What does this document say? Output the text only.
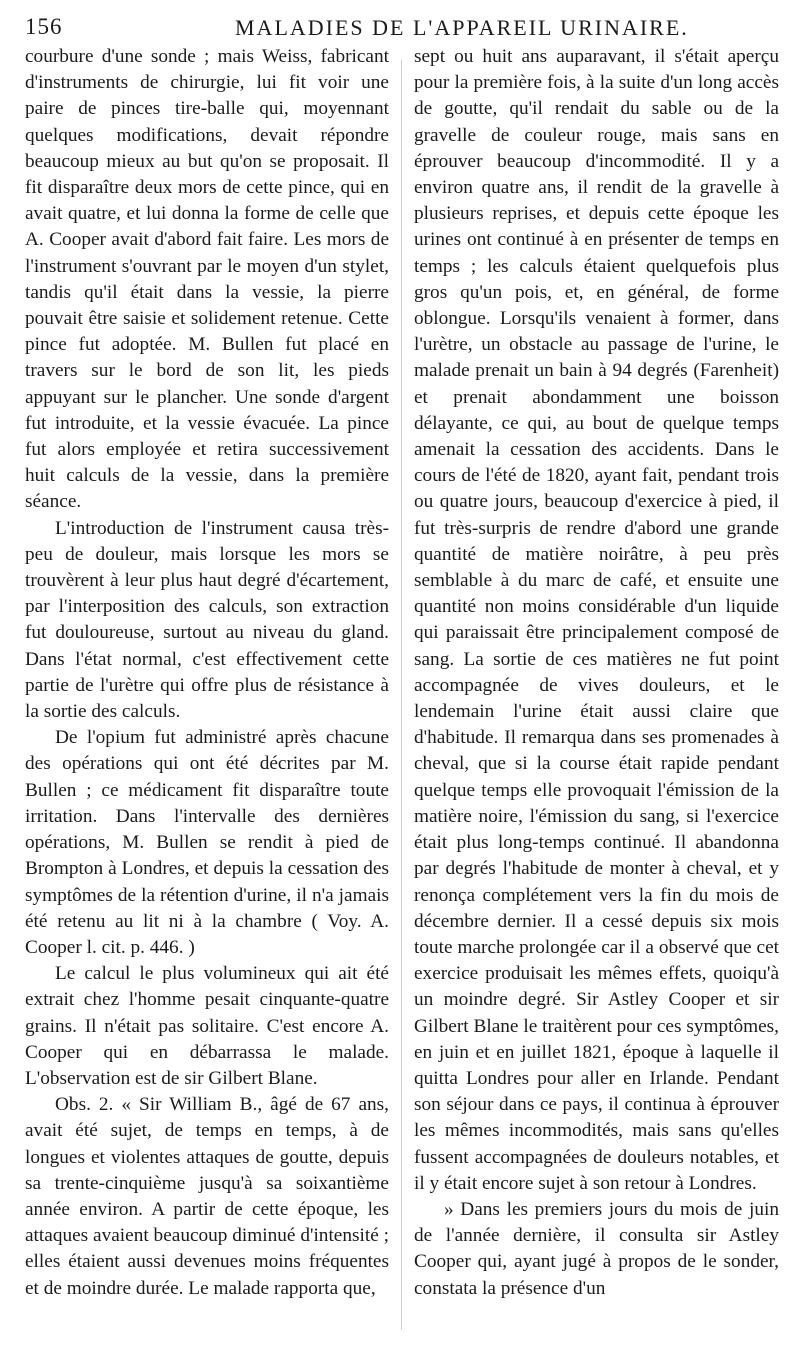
156	MALADIES DE L'APPAREIL URINAIRE.

courbure d'une sonde ; mais Weiss, fabricant d'instruments de chirurgie, lui fit voir une paire de pinces tire-balle qui, moyennant quelques modifications, devait répondre beaucoup mieux au but qu'on se proposait. Il fit disparaître deux mors de cette pince, qui en avait quatre, et lui donna la forme de celle que A. Cooper avait d'abord fait faire. Les mors de l'instrument s'ouvrant par le moyen d'un stylet, tandis qu'il était dans la vessie, la pierre pouvait être saisie et solidement retenue. Cette pince fut adoptée. M. Bullen fut placé en travers sur le bord de son lit, les pieds appuyant sur le plancher. Une sonde d'argent fut introduite, et la vessie évacuée. La pince fut alors employée et retira successivement huit calculs de la vessie, dans la première séance.

L'introduction de l'instrument causa très-peu de douleur, mais lorsque les mors se trouvèrent à leur plus haut degré d'écartement, par l'interposition des calculs, son extraction fut douloureuse, surtout au niveau du gland. Dans l'état normal, c'est effectivement cette partie de l'urètre qui offre plus de résistance à la sortie des calculs.

De l'opium fut administré après chacune des opérations qui ont été décrites par M. Bullen ; ce médicament fit disparaître toute irritation. Dans l'intervalle des dernières opérations, M. Bullen se rendit à pied de Brompton à Londres, et depuis la cessation des symptômes de la rétention d'urine, il n'a jamais été retenu au lit ni à la chambre ( Voy. A. Cooper l. cit. p. 446. )

Le calcul le plus volumineux qui ait été extrait chez l'homme pesait cinquante-quatre grains. Il n'était pas solitaire. C'est encore A. Cooper qui en débarrassa le malade. L'observation est de sir Gilbert Blane.

Obs. 2. « Sir William B., âgé de 67 ans, avait été sujet, de temps en temps, à de longues et violentes attaques de goutte, depuis sa trente-cinquième jusqu'à sa soixantième année environ. A partir de cette époque, les attaques avaient beaucoup diminué d'intensité ; elles étaient aussi devenues moins fréquentes et de moindre durée. Le malade rapporta que,

sept ou huit ans auparavant, il s'était aperçu pour la première fois, à la suite d'un long accès de goutte, qu'il rendait du sable ou de la gravelle de couleur rouge, mais sans en éprouver beaucoup d'incommodité. Il y a environ quatre ans, il rendit de la gravelle à plusieurs reprises, et depuis cette époque les urines ont continué à en présenter de temps en temps ; les calculs étaient quelquefois plus gros qu'un pois, et, en général, de forme oblongue. Lorsqu'ils venaient à former, dans l'urètre, un obstacle au passage de l'urine, le malade prenait un bain à 94 degrés (Farenheit) et prenait abondamment une boisson délayante, ce qui, au bout de quelque temps amenait la cessation des accidents. Dans le cours de l'été de 1820, ayant fait, pendant trois ou quatre jours, beaucoup d'exercice à pied, il fut très-surpris de rendre d'abord une grande quantité de matière noirâtre, à peu près semblable à du marc de café, et ensuite une quantité non moins considérable d'un liquide qui paraissait être principalement composé de sang. La sortie de ces matières ne fut point accompagnée de vives douleurs, et le lendemain l'urine était aussi claire que d'habitude. Il remarqua dans ses promenades à cheval, que si la course était rapide pendant quelque temps elle provoquait l'émission de la matière noire, l'émission du sang, si l'exercice était plus long-temps continué. Il abandonna par degrés l'habitude de monter à cheval, et y renonça complétement vers la fin du mois de décembre dernier. Il a cessé depuis six mois toute marche prolongée car il a observé que cet exercice produisait les mêmes effets, quoiqu'à un moindre degré. Sir Astley Cooper et sir Gilbert Blane le traitèrent pour ces symptômes, en juin et en juillet 1821, époque à laquelle il quitta Londres pour aller en Irlande. Pendant son séjour dans ce pays, il continua à éprouver les mêmes incommodités, mais sans qu'elles fussent accompagnées de douleurs notables, et il y était encore sujet à son retour à Londres.

» Dans les premiers jours du mois de juin de l'année dernière, il consulta sir Astley Cooper qui, ayant jugé à propos de le sonder, constata la présence d'un
